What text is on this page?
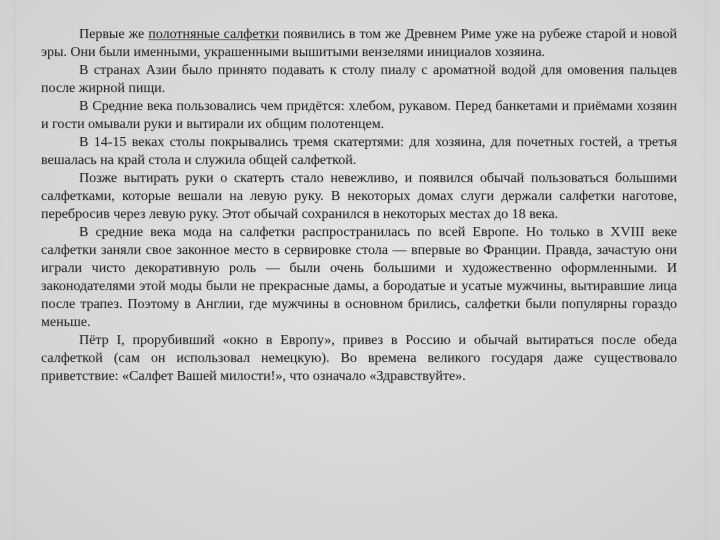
Первые же полотняные салфетки появились в том же Древнем Риме уже на рубеже старой и новой эры. Они были именными, украшенными вышитыми вензелями инициалов хозяина.

В странах Азии было принято подавать к столу пиалу с ароматной водой для омовения пальцев после жирной пищи.

В Средние века пользовались чем придётся: хлебом, рукавом. Перед банкетами и приёмами хозяин и гости омывали руки и вытирали их общим полотенцем.

В 14-15 веках столы покрывались тремя скатертями: для хозяина, для почетных гостей, а третья вешалась на край стола и служила общей салфеткой.

Позже вытирать руки о скатерть стало невежливо, и появился обычай пользоваться большими салфетками, которые вешали на левую руку. В некоторых домах слуги держали салфетки наготове, перебросив через левую руку. Этот обычай сохранился в некоторых местах до 18 века.

В средние века мода на салфетки распространилась по всей Европе. Но только в XVIII веке салфетки заняли свое законное место в сервировке стола — впервые во Франции. Правда, зачастую они играли чисто декоративную роль — были очень большими и художественно оформленными. И законодателями этой моды были не прекрасные дамы, а бородатые и усатые мужчины, вытиравшие лица после трапез. Поэтому в Англии, где мужчины в основном брились, салфетки были популярны гораздо меньше.

Пётр I, прорубивший «окно в Европу», привез в Россию и обычай вытираться после обеда салфеткой (сам он использовал немецкую). Во времена великого государя даже существовало приветствие: «Салфет Вашей милости!», что означало «Здравствуйте».
